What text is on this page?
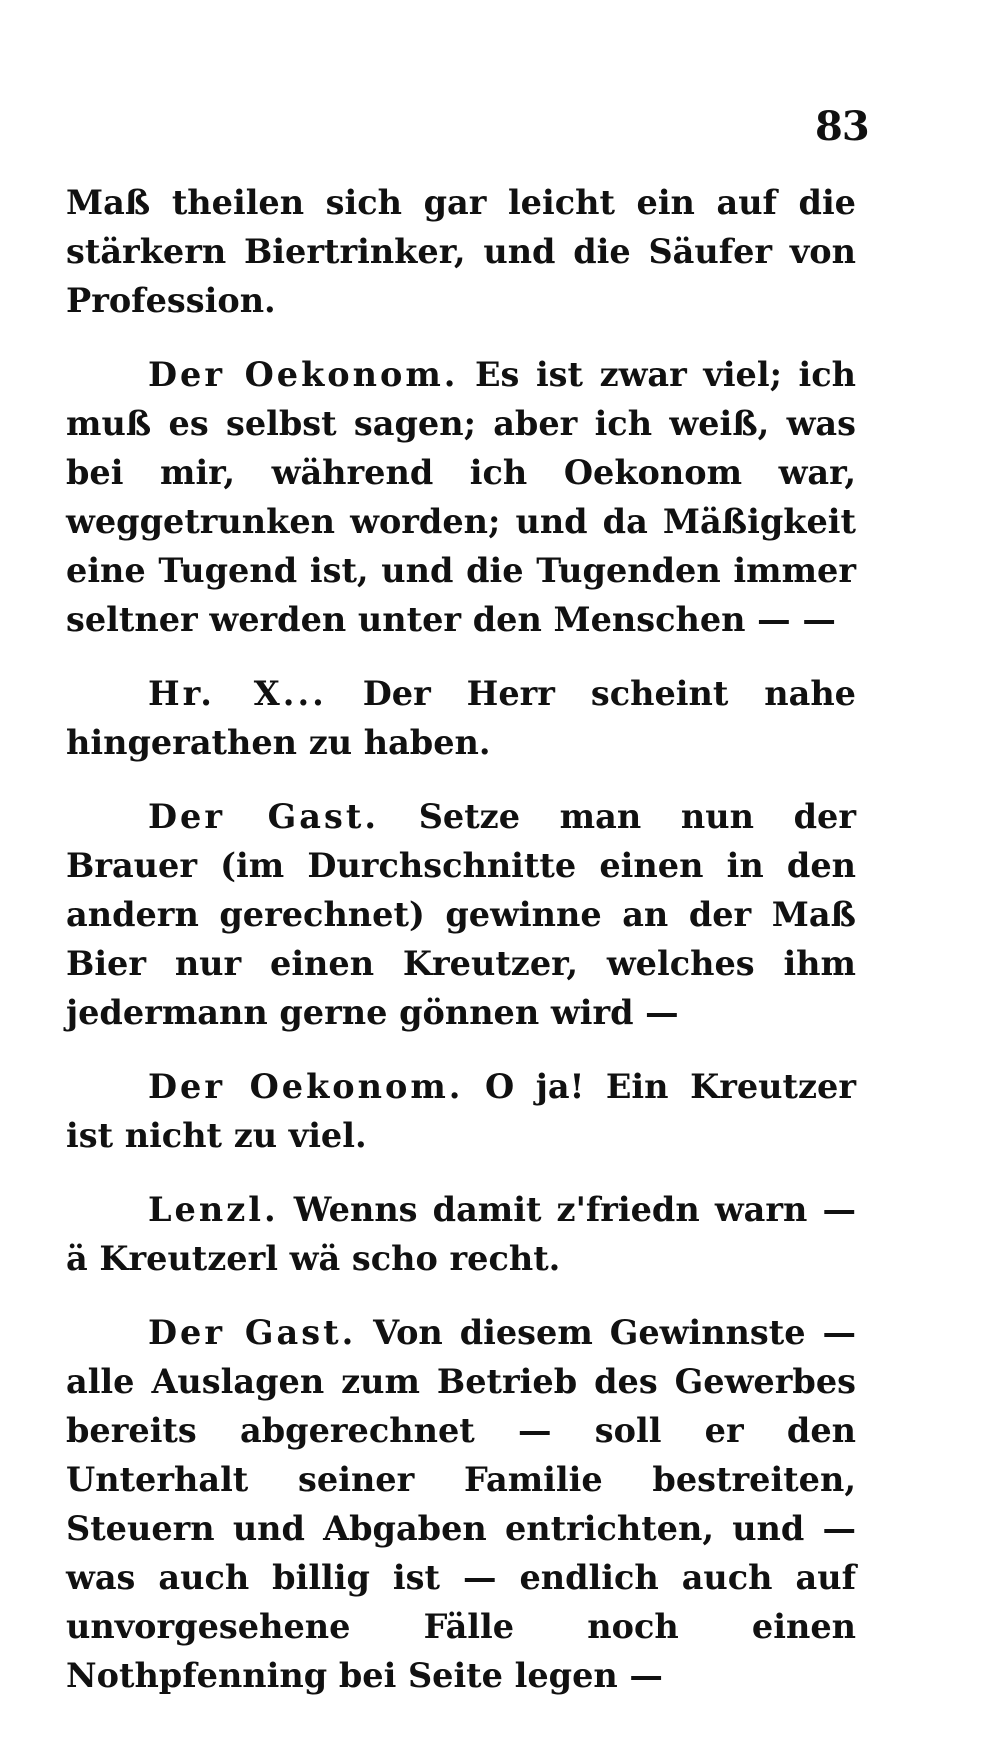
83

Maß theilen sich gar leicht ein auf die stärkern Biertrinker, und die Säufer von Profession.

Der Oekonom. Es ist zwar viel; ich muß es selbst sagen; aber ich weiß, was bei mir, während ich Oekonom war, weggetrunken worden; und da Mäßigkeit eine Tugend ist, und die Tugenden immer seltner werden unter den Menschen — —

Hr. X... Der Herr scheint nahe hingerathen zu haben.

Der Gast. Setze man nun der Brauer (im Durchschnitte einen in den andern gerechnet) gewinne an der Maß Bier nur einen Kreutzer, welches ihm jedermann gerne gönnen wird —

Der Oekonom. O ja! Ein Kreutzer ist nicht zu viel.

Lenzl. Wenns damit z'friedn warn — ä Kreutzerl wä scho recht.

Der Gast. Von diesem Gewinnste — alle Auslagen zum Betrieb des Gewerbes bereits abgerechnet — soll er den Unterhalt seiner Familie bestreiten, Steuern und Abgaben entrichten, und — was auch billig ist — endlich auch auf unvorgesehene Fälle noch einen Nothpfenning bei Seite legen —
